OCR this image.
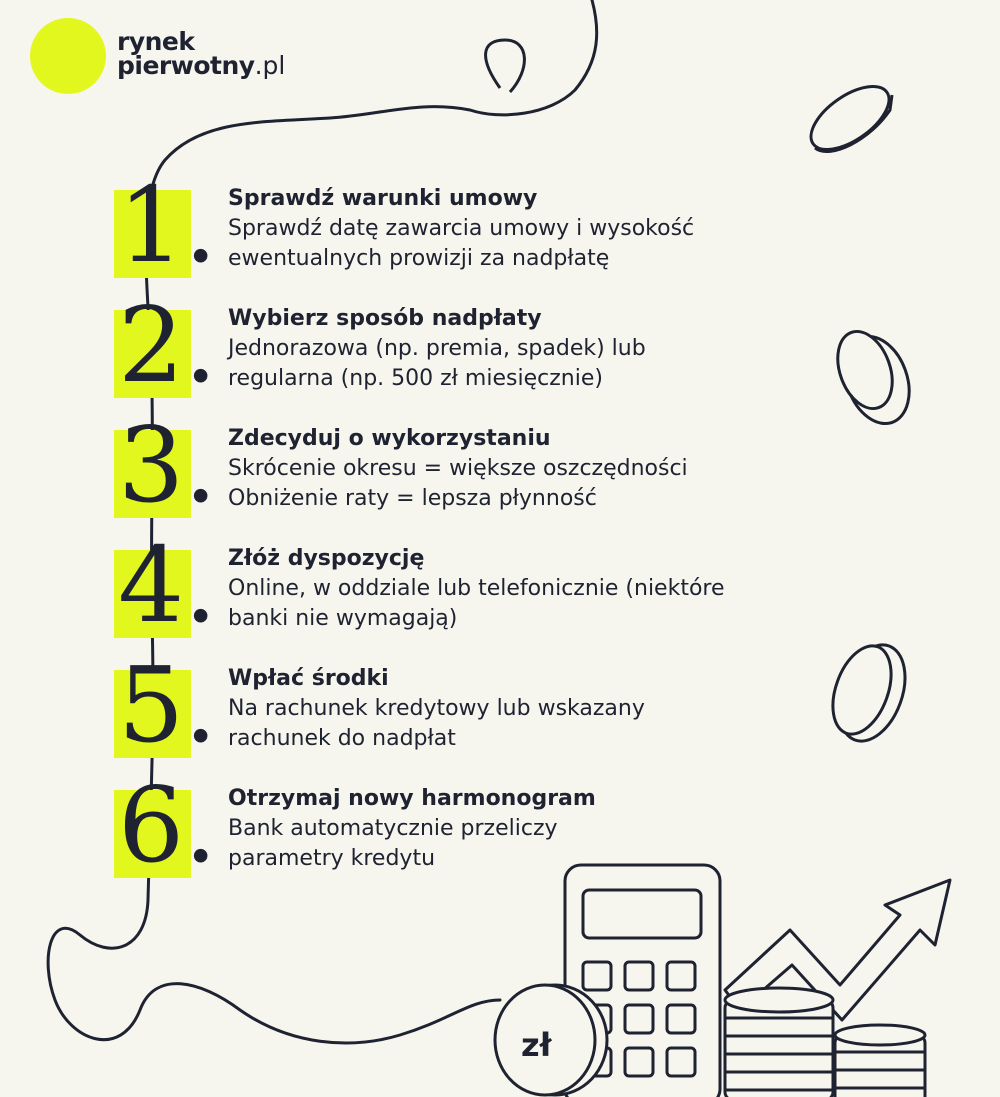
rynek
pierwotny.pl
1. Sprawdź warunki umowy
Sprawdź datę zawarcia umowy i wysokość
ewentualnych prowizji za nadpłatę
2. Wybierz sposób nadpłaty
Jednorazowa (np. premia, spadek) lub
regularna (np. 500 zł miesięcznie)
3. Zdecyduj o wykorzystaniu
Skrócenie okresu = większe oszczędności
Obniżenie raty = lepsza płynność
4. Złóż dyspozycję
Online, w oddziale lub telefonicznie (niektóre
banki nie wymagają)
5. Wpłać środki
Na rachunek kredytowy lub wskazany
rachunek do nadpłat
6. Otrzymaj nowy harmonogram
Bank automatycznie przeliczy
parametry kredytu
zł
